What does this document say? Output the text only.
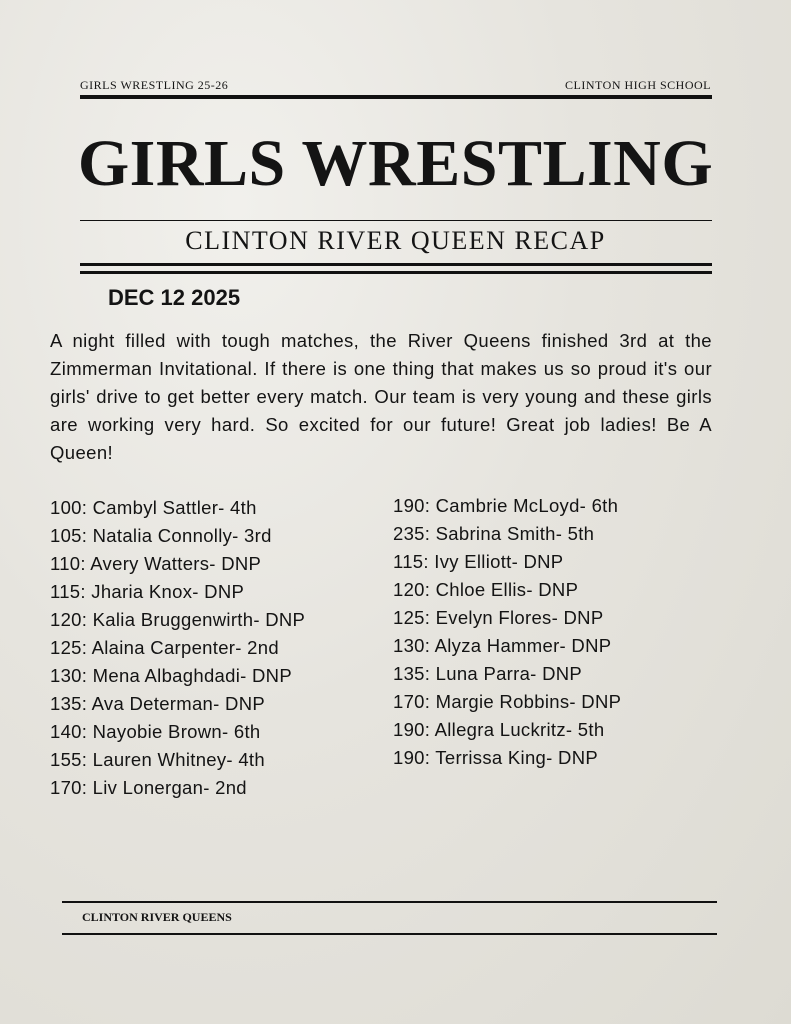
GIRLS WRESTLING 25-26	CLINTON HIGH SCHOOL
GIRLS WRESTLING
CLINTON RIVER QUEEN RECAP
DEC 12 2025
A night filled with tough matches, the River Queens finished 3rd at the Zimmerman Invitational. If there is one thing that makes us so proud it's our girls' drive to get better every match. Our team is very young and these girls are working very hard. So excited for our future! Great job ladies! Be A Queen!
100: Cambyl Sattler- 4th
105: Natalia Connolly- 3rd
110: Avery Watters- DNP
115: Jharia Knox- DNP
120: Kalia Bruggenwirth- DNP
125: Alaina Carpenter- 2nd
130: Mena Albaghdadi- DNP
135: Ava Determan- DNP
140: Nayobie Brown- 6th
155: Lauren Whitney- 4th
170: Liv Lonergan- 2nd
190: Cambrie McLoyd- 6th
235: Sabrina Smith- 5th
115: Ivy Elliott- DNP
120: Chloe Ellis- DNP
125: Evelyn Flores- DNP
130: Alyza Hammer- DNP
135: Luna Parra- DNP
170: Margie Robbins- DNP
190: Allegra Luckritz- 5th
190: Terrissa King- DNP
CLINTON RIVER QUEENS
